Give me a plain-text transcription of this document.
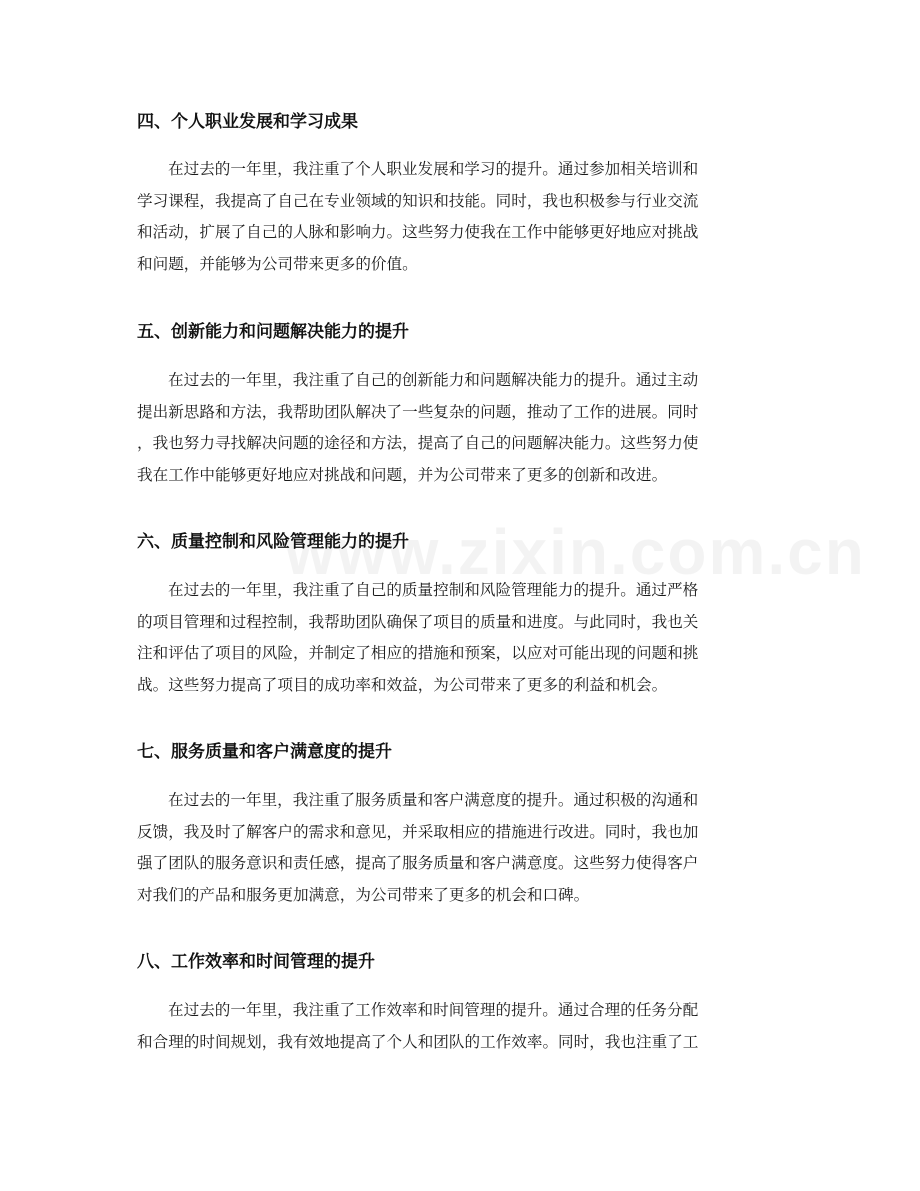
四、个人职业发展和学习成果

在过去的一年里，我注重了个人职业发展和学习的提升。通过参加相关培训和
学习课程，我提高了自己在专业领域的知识和技能。同时，我也积极参与行业交流
和活动，扩展了自己的人脉和影响力。这些努力使我在工作中能够更好地应对挑战
和问题，并能够为公司带来更多的价值。

五、创新能力和问题解决能力的提升

在过去的一年里，我注重了自己的创新能力和问题解决能力的提升。通过主动
提出新思路和方法，我帮助团队解决了一些复杂的问题，推动了工作的进展。同时
，我也努力寻找解决问题的途径和方法，提高了自己的问题解决能力。这些努力使
我在工作中能够更好地应对挑战和问题，并为公司带来了更多的创新和改进。

六、质量控制和风险管理能力的提升

在过去的一年里，我注重了自己的质量控制和风险管理能力的提升。通过严格
的项目管理和过程控制，我帮助团队确保了项目的质量和进度。与此同时，我也关
注和评估了项目的风险，并制定了相应的措施和预案，以应对可能出现的问题和挑
战。这些努力提高了项目的成功率和效益，为公司带来了更多的利益和机会。

七、服务质量和客户满意度的提升

在过去的一年里，我注重了服务质量和客户满意度的提升。通过积极的沟通和
反馈，我及时了解客户的需求和意见，并采取相应的措施进行改进。同时，我也加
强了团队的服务意识和责任感，提高了服务质量和客户满意度。这些努力使得客户
对我们的产品和服务更加满意，为公司带来了更多的机会和口碑。

八、工作效率和时间管理的提升

在过去的一年里，我注重了工作效率和时间管理的提升。通过合理的任务分配
和合理的时间规划，我有效地提高了个人和团队的工作效率。同时，我也注重了工
